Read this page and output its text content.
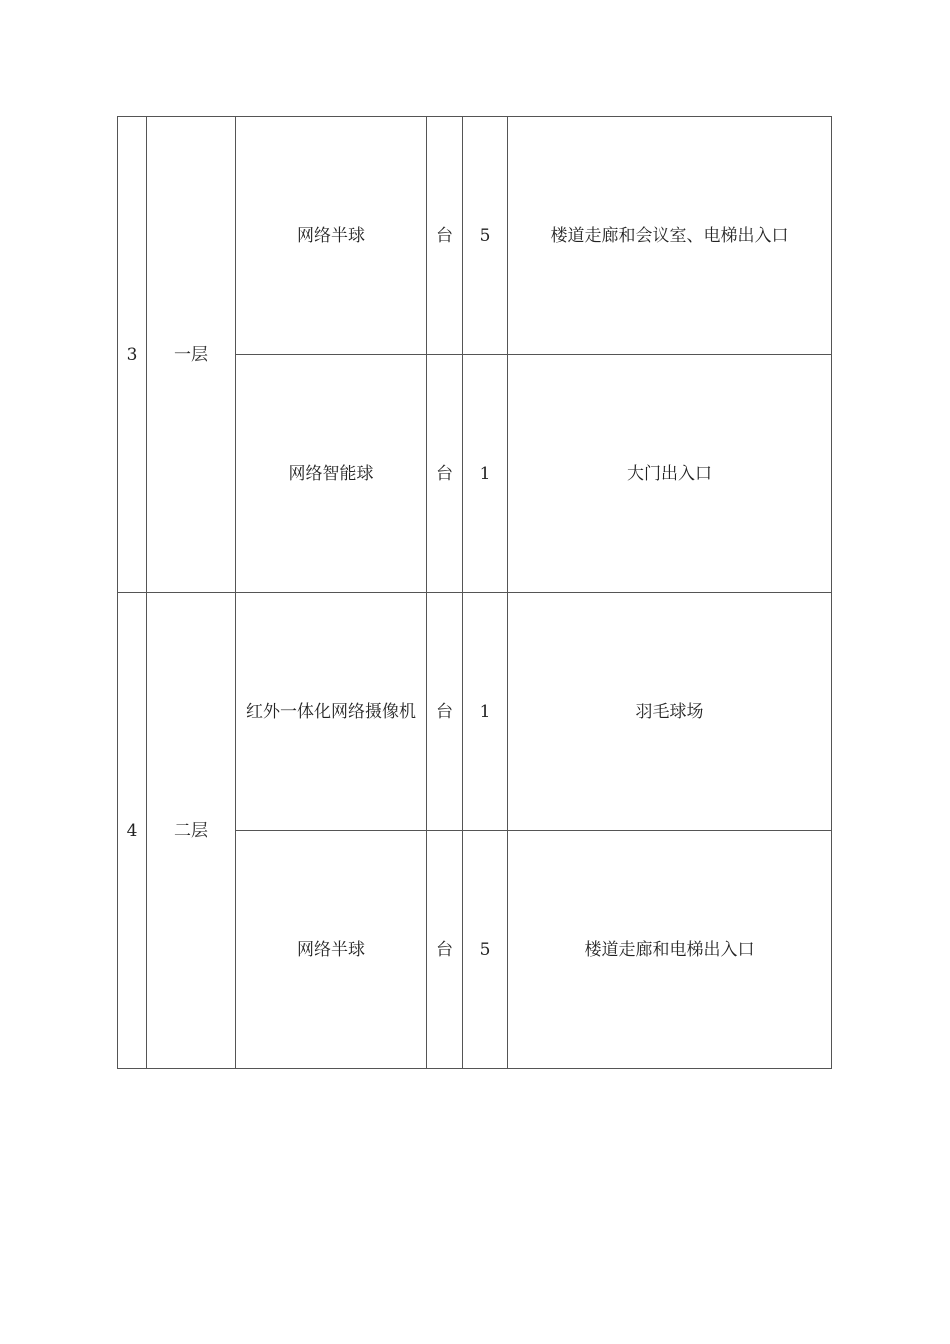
3	一层	网络半球	台	5	楼道走廊和会议室、电梯出入口
		网络智能球	台	1	大门出入口
4	二层	红外一体化网络摄像机	台	1	羽毛球场
		网络半球	台	5	楼道走廊和电梯出入口
